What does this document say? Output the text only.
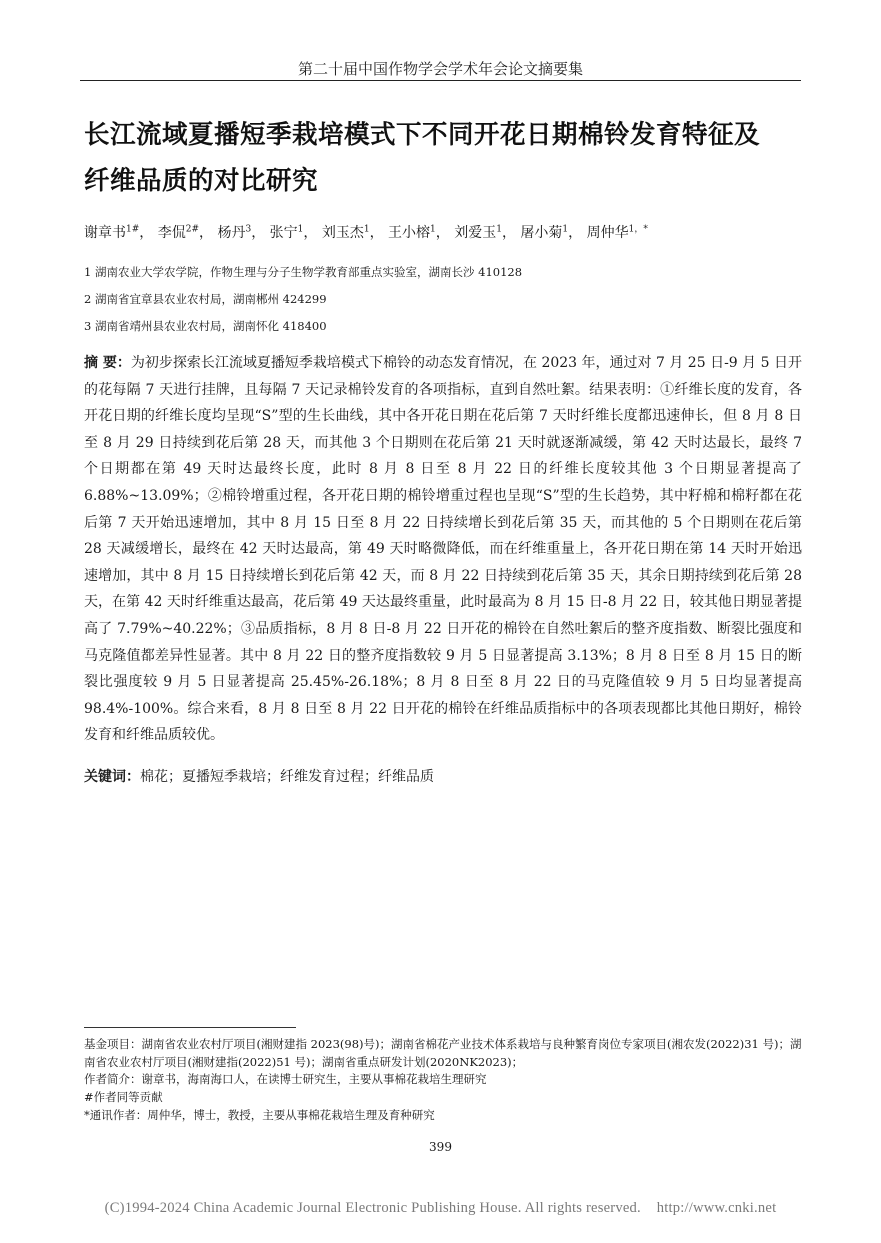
第二十届中国作物学会学术年会论文摘要集
长江流域夏播短季栽培模式下不同开花日期棉铃发育特征及
纤维品质的对比研究
谢章书$^{1\#}$， 李侃$^{2\#}$， 杨丹$^3$， 张宁$^1$， 刘玉杰$^1$， 王小榕$^1$， 刘爱玉$^1$， 屠小菊$^1$， 周仲华$^{1,*}$
1 湖南农业大学农学院，作物生理与分子生物学教育部重点实验室，湖南长沙 410128
2 湖南省宜章县农业农村局，湖南郴州 424299
3 湖南省靖州县农业农村局，湖南怀化 418400

摘 要：为初步探索长江流域夏播短季栽培模式下棉铃的动态发育情况，在 2023 年，通过对 7 月 25 日-9 月 5 日开的花每隔 7 天进行挂牌，且每隔 7 天记录棉铃发育的各项指标，直到自然吐絮。结果表明：①纤维长度的发育，各开花日期的纤维长度均呈现“S”型的生长曲线，其中各开花日期在花后第 7 天时纤维长度都迅速伸长，但 8 月 8 日至 8 月 29 日持续到花后第 28 天，而其他 3 个日期则在花后第 21 天时就逐渐减缓，第 42 天时达最长，最终 7 个日期都在第 49 天时达最终长度，此时 8 月 8 日至 8 月 22 日的纤维长度较其他 3 个日期显著提高了 6.88%~13.09%；②棉铃增重过程，各开花日期的棉铃增重过程也呈现“S”型的生长趋势，其中籽棉和棉籽都在花后第 7 天开始迅速增加，其中 8 月 15 日至 8 月 22 日持续增长到花后第 35 天，而其他的 5 个日期则在花后第 28 天减缓增长，最终在 42 天时达最高，第 49 天时略微降低，而在纤维重量上，各开花日期在第 14 天时开始迅速增加，其中 8 月 15 日持续增长到花后第 42 天，而 8 月 22 日持续到花后第 35 天，其余日期持续到花后第 28 天，在第 42 天时纤维重达最高，花后第 49 天达最终重量，此时最高为 8 月 15 日-8 月 22 日，较其他日期显著提高了 7.79%~40.22%；③品质指标，8 月 8 日-8 月 22 日开花的棉铃在自然吐絮后的整齐度指数、断裂比强度和马克隆值都差异性显著。其中 8 月 22 日的整齐度指数较 9 月 5 日显著提高 3.13%；8 月 8 日至 8 月 15 日的断裂比强度较 9 月 5 日显著提高 25.45%-26.18%；8 月 8 日至 8 月 22 日的马克隆值较 9 月 5 日均显著提高 98.4%-100%。综合来看，8 月 8 日至 8 月 22 日开花的棉铃在纤维品质指标中的各项表现都比其他日期好，棉铃发育和纤维品质较优。

关键词：棉花；夏播短季栽培；纤维发育过程；纤维品质
基金项目：湖南省农业农村厅项目(湘财建指 2023(98)号)；湖南省棉花产业技术体系栽培与良种繁育岗位专家项目(湘农发(2022)31 号)；湖南省农业农村厅项目(湘财建指(2022)51 号)；湖南省重点研发计划(2020NK2023)；
作者简介：谢章书，海南海口人，在读博士研究生，主要从事棉花栽培生理研究
#作者同等贡献
*通讯作者：周仲华，博士，教授，主要从事棉花栽培生理及育种研究
399
(C)1994-2024 China Academic Journal Electronic Publishing House. All rights reserved. http://www.cnki.net
